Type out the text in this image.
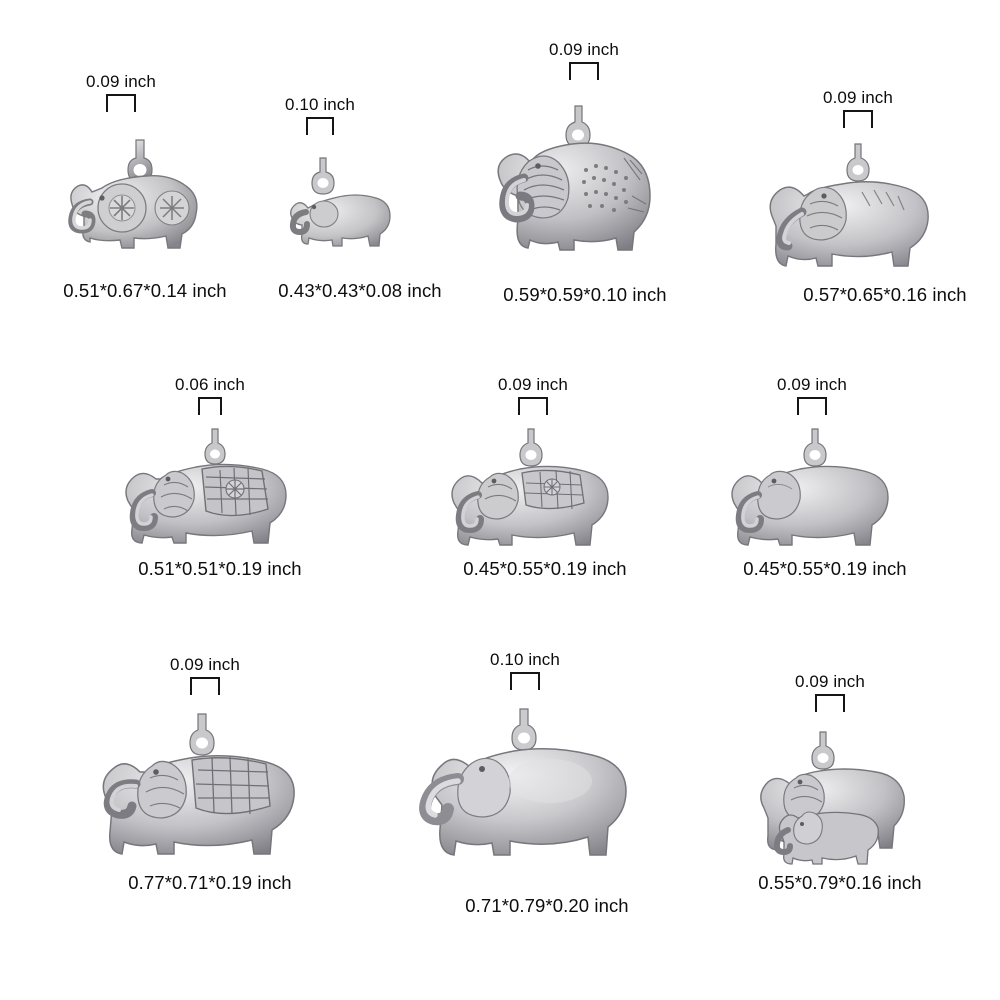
0.09 inch
0.51*0.67*0.14 inch
0.10 inch
0.43*0.43*0.08 inch
0.09 inch
0.59*0.59*0.10 inch
0.09 inch
0.57*0.65*0.16 inch
0.06 inch
0.51*0.51*0.19 inch
0.09 inch
0.45*0.55*0.19 inch
0.09 inch
0.45*0.55*0.19 inch
0.09 inch
0.77*0.71*0.19 inch
0.10 inch
0.71*0.79*0.20 inch
0.09 inch
0.55*0.79*0.16 inch
